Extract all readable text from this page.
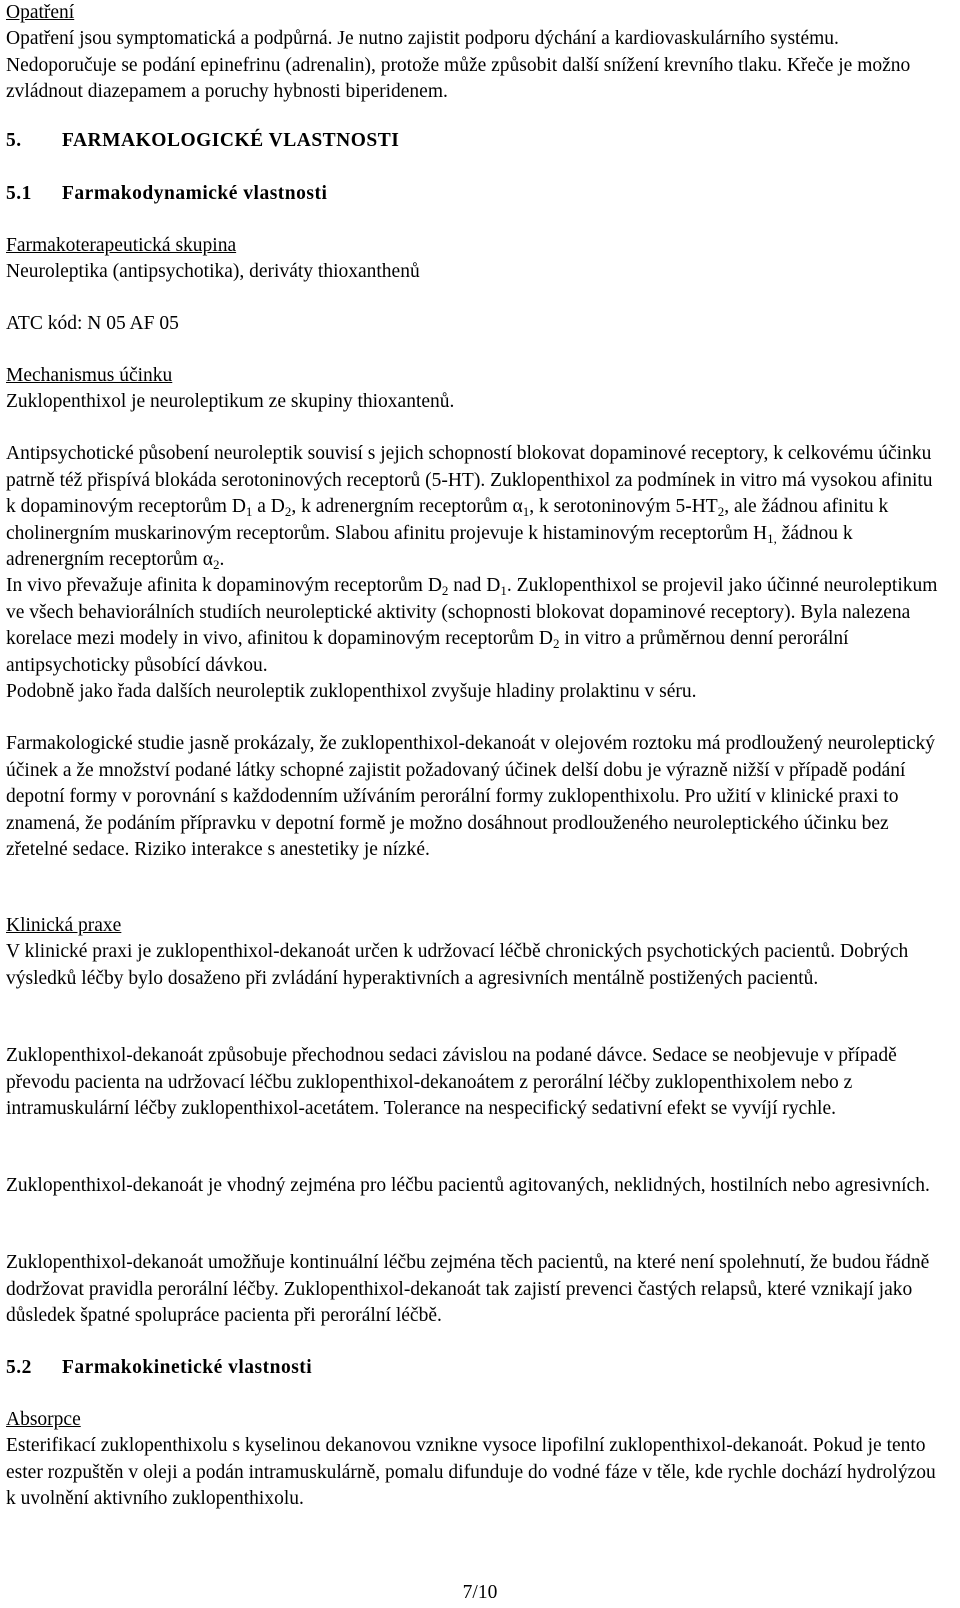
Opatření

Opatření jsou symptomatická a podpůrná. Je nutno zajistit podporu dýchání a kardiovaskulárního systému. Nedoporučuje se podání epinefrinu (adrenalin), protože může způsobit další snížení krevního tlaku. Křeče je možno zvládnout diazepamem a poruchy hybnosti biperidenem.

5. FARMAKOLOGICKÉ VLASTNOSTI

5.1 Farmakodynamické vlastnosti

Farmakoterapeutická skupina

Neuroleptika (antipsychotika), deriváty thioxanthenů

ATC kód: N 05 AF 05

Mechanismus účinku

Zuklopenthixol je neuroleptikum ze skupiny thioxantenů.

Antipsychotické působení neuroleptik souvisí s jejich schopností blokovat dopaminové receptory, k celkovému účinku patrně též přispívá blokáda serotoninových receptorů (5-HT). Zuklopenthixol za podmínek in vitro má vysokou afinitu k dopaminovým receptorům $D_1$ a $D_2$, k adrenergním receptorům $\alpha_1$, k serotoninovým $5-HT_2$, ale žádnou afinitu k cholinergním muskarinovým receptorům. Slabou afinitu projevuje k histaminovým receptorům $H_{1,}$ žádnou k adrenergním receptorům $\alpha_2$.

In vivo převažuje afinita k dopaminovým receptorům $D_2$ nad $D_1$. Zuklopenthixol se projevil jako účinné neuroleptikum ve všech behaviorálních studiích neuroleptické aktivity (schopnosti blokovat dopaminové receptory). Byla nalezena korelace mezi modely in vivo, afinitou k dopaminovým receptorům $D_2$ in vitro a průměrnou denní perorální antipsychoticky působící dávkou.
Podobně jako řada dalších neuroleptik zuklopenthixol zvyšuje hladiny prolaktinu v séru.

Farmakologické studie jasně prokázaly, že zuklopenthixol-dekanoát v olejovém roztoku má prodloužený neuroleptický účinek a že množství podané látky schopné zajistit požadovaný účinek delší dobu je výrazně nižší v případě podání depotní formy v porovnání s každodenním užíváním perorální formy zuklopenthixolu. Pro užití v klinické praxi to znamená, že podáním přípravku v depotní formě je možno dosáhnout prodlouženého neuroleptického účinku bez zřetelné sedace. Riziko interakce s anestetiky je nízké.

Klinická praxe

V klinické praxi je zuklopenthixol-dekanoát určen k udržovací léčbě chronických psychotických pacientů. Dobrých výsledků léčby bylo dosaženo při zvládání hyperaktivních a agresivních mentálně postižených pacientů.

Zuklopenthixol-dekanoát způsobuje přechodnou sedaci závislou na podané dávce. Sedace se neobjevuje v případě převodu pacienta na udržovací léčbu zuklopenthixol-dekanoátem z perorální léčby zuklopenthixolem nebo z intramuskulární léčby zuklopenthixol-acetátem. Tolerance na nespecifický sedativní efekt se vyvíjí rychle.

Zuklopenthixol-dekanoát je vhodný zejména pro léčbu pacientů agitovaných, neklidných, hostilních nebo agresivních.

Zuklopenthixol-dekanoát umožňuje kontinuální léčbu zejména těch pacientů, na které není spolehnutí, že budou řádně dodržovat pravidla perorální léčby. Zuklopenthixol-dekanoát tak zajistí prevenci častých relapsů, které vznikají jako důsledek špatné spolupráce pacienta při perorální léčbě.

5.2 Farmakokinetické vlastnosti

Absorpce

Esterifikací zuklopenthixolu s kyselinou dekanovou vznikne vysoce lipofilní zuklopenthixol-dekanoát. Pokud je tento ester rozpuštěn v oleji a podán intramuskulárně, pomalu difunduje do vodné fáze v těle, kde rychle dochází hydrolýzou k uvolnění aktivního zuklopenthixolu.

7/10
